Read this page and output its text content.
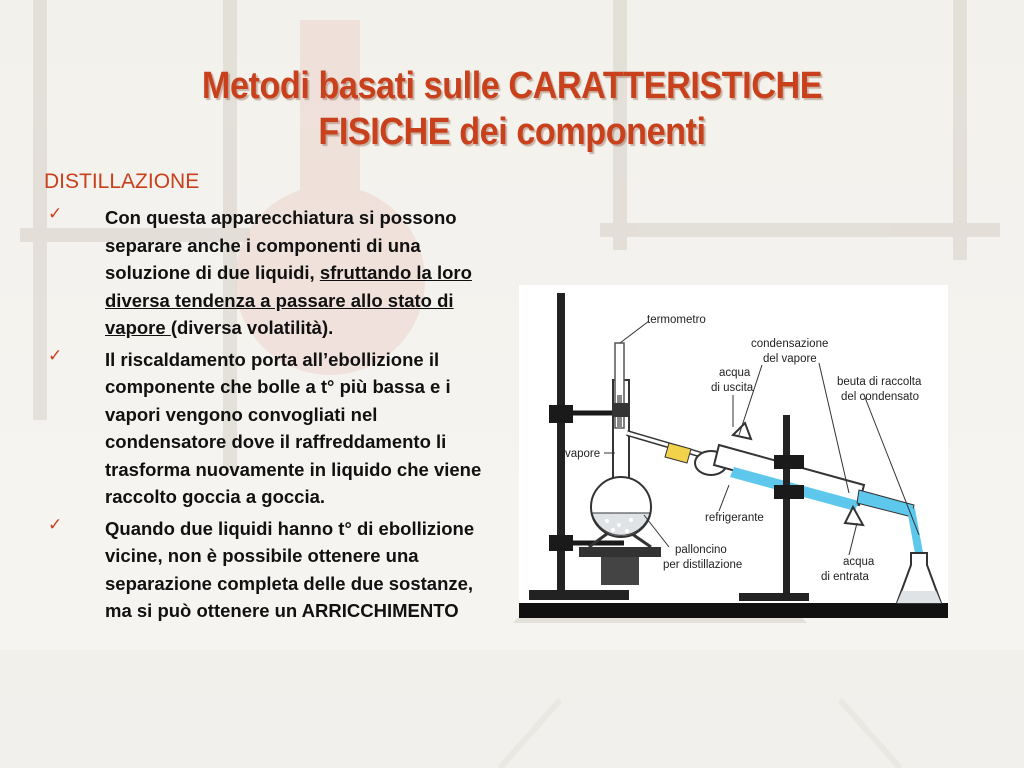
Metodi basati sulle CARATTERISTICHE
FISICHE dei componenti
DISTILLAZIONE
✓ Con questa apparecchiatura si possono separare anche i componenti di una soluzione di due liquidi, sfruttando la loro diversa tendenza a passare allo stato di vapore (diversa volatilità).
✓ Il riscaldamento porta all’ebollizione il componente che bolle a t° più bassa e i vapori vengono convogliati nel condensatore dove il raffreddamento li trasforma nuovamente in liquido che viene raccolto goccia a goccia.
✓ Quando due liquidi hanno t° di ebollizione vicine, non è possibile ottenere una separazione completa delle due sostanze, ma si può ottenere un ARRICCHIMENTO
termometro
condensazione
del vapore
beuta di raccolta
del condensato
acqua
di uscita
vapore
refrigerante
palloncino
per distillazione	acqua
di entrata
